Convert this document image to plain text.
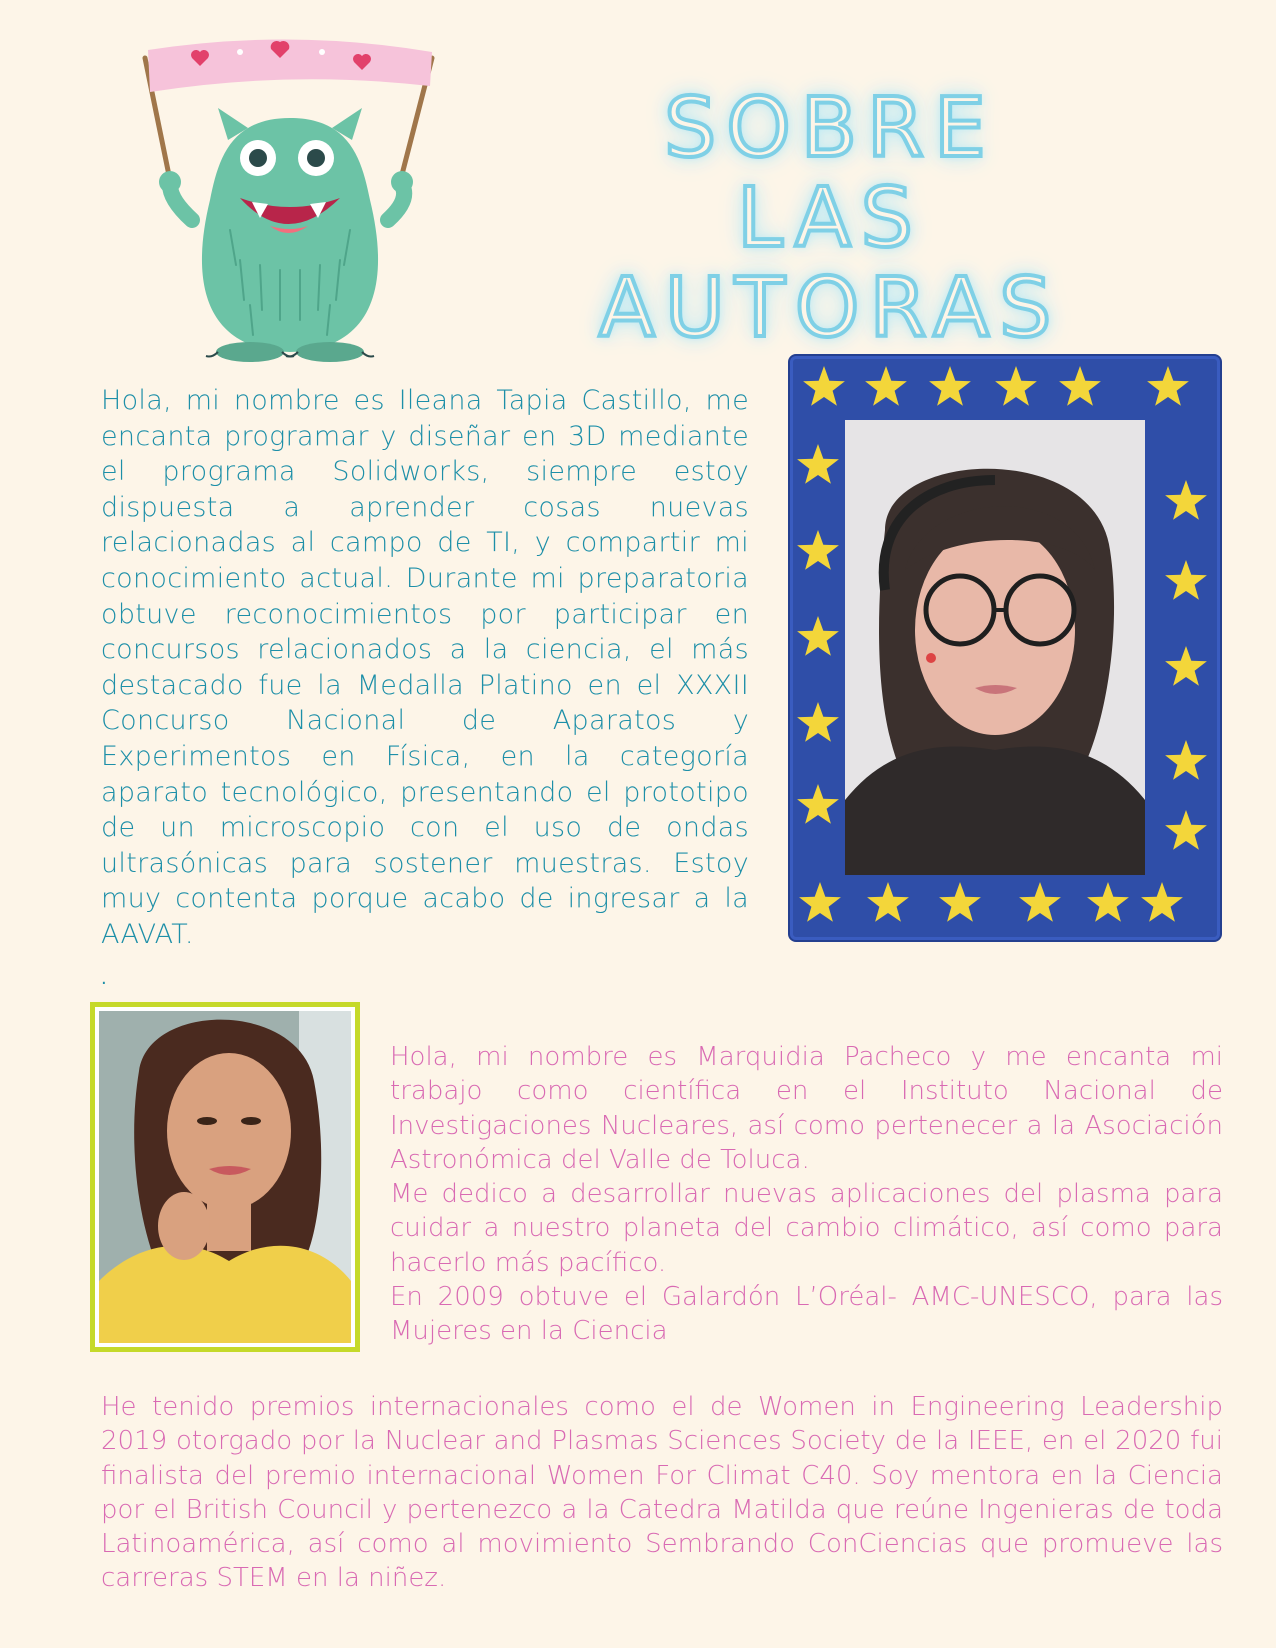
SOBRE LAS
AUTORAS

Hola, mi nombre es Ileana Tapia Castillo, me encanta programar y diseñar en 3D mediante el programa Solidworks, siempre estoy dispuesta a aprender cosas nuevas relacionadas al campo de TI, y compartir mi conocimiento actual. Durante mi preparatoria obtuve reconocimientos por participar en concursos relacionados a la ciencia, el más destacado fue la Medalla Platino en el XXXII Concurso Nacional de Aparatos y Experimentos en Física, en la categoría aparato tecnológico, presentando el prototipo de un microscopio con el uso de ondas ultrasónicas para sostener muestras. Estoy muy contenta porque acabo de ingresar a la AAVAT.

.

Hola, mi nombre es Marquidia Pacheco y me encanta mi trabajo como científica en el Instituto Nacional de Investigaciones Nucleares, así como pertenecer a la Asociación Astronómica del Valle de Toluca.

Me dedico a desarrollar nuevas aplicaciones del plasma para cuidar a nuestro planeta del cambio climático, así como para hacerlo más pacífico.

En 2009 obtuve el Galardón L’Oréal- AMC-UNESCO, para las Mujeres en la Ciencia

He tenido premios internacionales como el de Women in Engineering Leadership 2019 otorgado por la Nuclear and Plasmas Sciences Society de la IEEE, en el 2020 fui finalista del premio internacional Women For Climat C40. Soy mentora en la Ciencia por el British Council y pertenezco a la Catedra Matilda que reúne Ingenieras de toda Latinoamérica, así como al movimiento Sembrando ConCiencias que promueve las carreras STEM en la niñez.
